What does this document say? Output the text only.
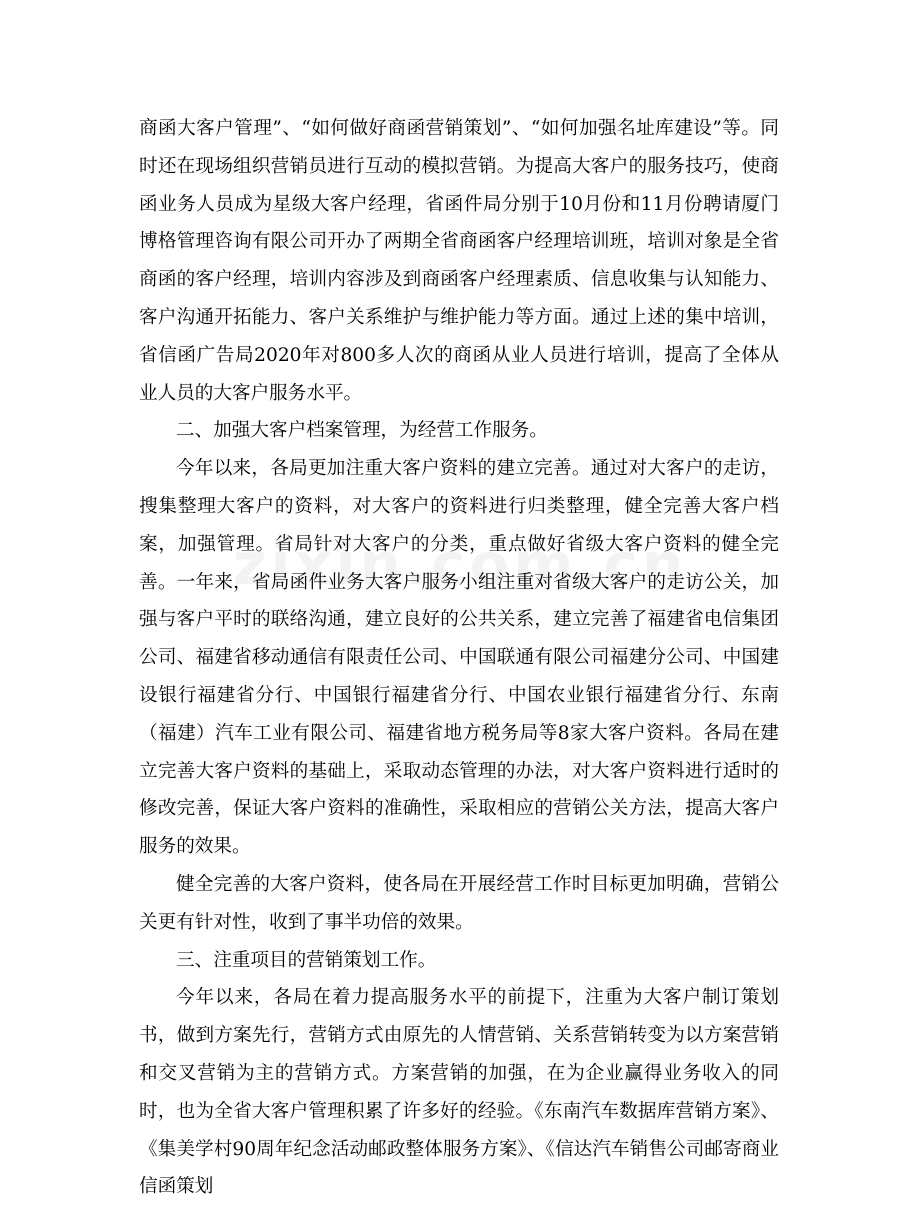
商函大客户管理”、“如何做好商函营销策划”、“如何加强名址库建设”等。同时还在现场组织营销员进行互动的模拟营销。为提高大客户的服务技巧，使商函业务人员成为星级大客户经理，省函件局分别于10月份和11月份聘请厦门博格管理咨询有限公司开办了两期全省商函客户经理培训班，培训对象是全省商函的客户经理，培训内容涉及到商函客户经理素质、信息收集与认知能力、客户沟通开拓能力、客户关系维护与维护能力等方面。通过上述的集中培训，省信函广告局2020年对800多人次的商函从业人员进行培训，提高了全体从业人员的大客户服务水平。

二、加强大客户档案管理，为经营工作服务。

今年以来，各局更加注重大客户资料的建立完善。通过对大客户的走访，搜集整理大客户的资料，对大客户的资料进行归类整理，健全完善大客户档案，加强管理。省局针对大客户的分类，重点做好省级大客户资料的健全完善。一年来，省局函件业务大客户服务小组注重对省级大客户的走访公关，加强与客户平时的联络沟通，建立良好的公共关系，建立完善了福建省电信集团公司、福建省移动通信有限责任公司、中国联通有限公司福建分公司、中国建设银行福建省分行、中国银行福建省分行、中国农业银行福建省分行、东南（福建）汽车工业有限公司、福建省地方税务局等8家大客户资料。各局在建立完善大客户资料的基础上，采取动态管理的办法，对大客户资料进行适时的修改完善，保证大客户资料的准确性，采取相应的营销公关方法，提高大客户服务的效果。

健全完善的大客户资料，使各局在开展经营工作时目标更加明确，营销公关更有针对性，收到了事半功倍的效果。

三、注重项目的营销策划工作。

今年以来，各局在着力提高服务水平的前提下，注重为大客户制订策划书，做到方案先行，营销方式由原先的人情营销、关系营销转变为以方案营销和交叉营销为主的营销方式。方案营销的加强，在为企业赢得业务收入的同时，也为全省大客户管理积累了许多好的经验。《东南汽车数据库营销方案》、《集美学村90周年纪念活动邮政整体服务方案》、《信达汽车销售公司邮寄商业信函策划
